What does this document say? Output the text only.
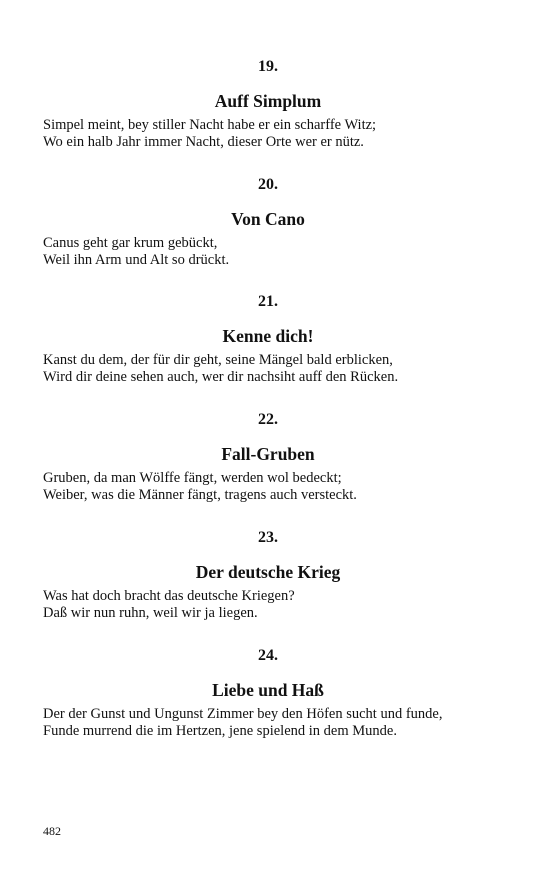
19.
Auff Simplum
Simpel meint, bey stiller Nacht habe er ein scharffe Witz;
Wo ein halb Jahr immer Nacht, dieser Orte wer er nütz.
20.
Von Cano
Canus geht gar krum gebückt,
Weil ihn Arm und Alt so drückt.
21.
Kenne dich!
Kanst du dem, der für dir geht, seine Mängel bald erblicken,
Wird dir deine sehen auch, wer dir nachsiht auff den Rücken.
22.
Fall-Gruben
Gruben, da man Wölffe fängt, werden wol bedeckt;
Weiber, was die Männer fängt, tragens auch versteckt.
23.
Der deutsche Krieg
Was hat doch bracht das deutsche Kriegen?
Daß wir nun ruhn, weil wir ja liegen.
24.
Liebe und Haß
Der der Gunst und Ungunst Zimmer bey den Höfen sucht und funde,
Funde murrend die im Hertzen, jene spielend in dem Munde.
482
